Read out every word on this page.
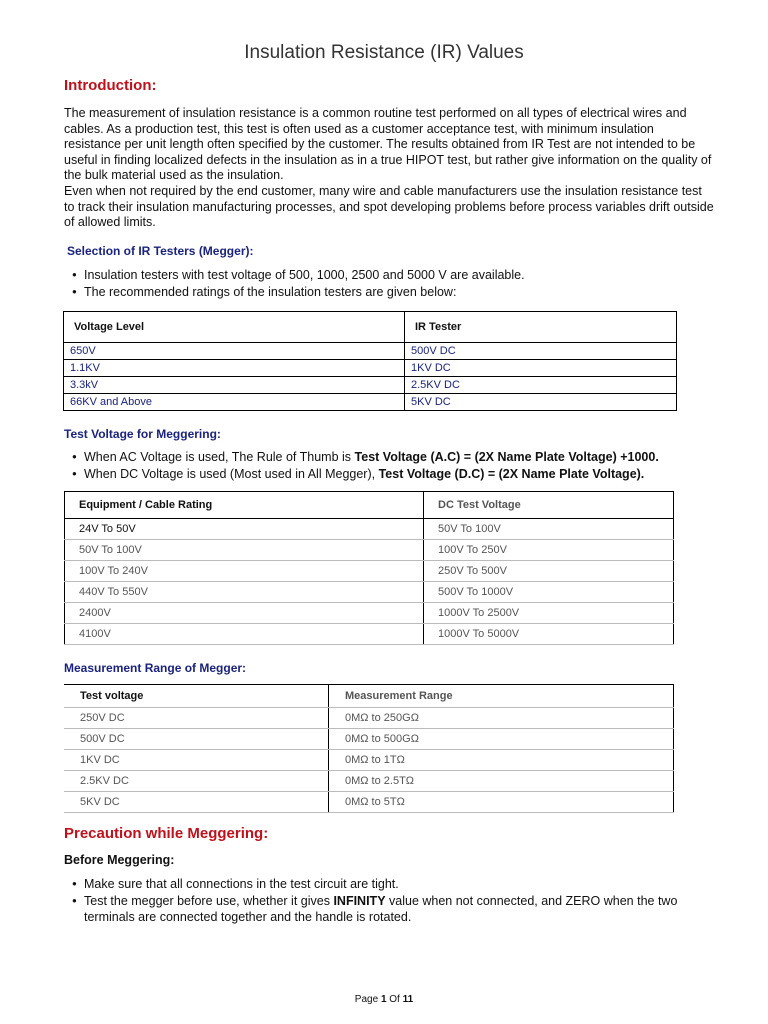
Insulation Resistance (IR) Values
Introduction:

The measurement of insulation resistance is a common routine test performed on all types of electrical wires and cables. As a production test, this test is often used as a customer acceptance test, with minimum insulation resistance per unit length often specified by the customer. The results obtained from IR Test are not intended to be useful in finding localized defects in the insulation as in a true HIPOT test, but rather give information on the quality of the bulk material used as the insulation.

Even when not required by the end customer, many wire and cable manufacturers use the insulation resistance test to track their insulation manufacturing processes, and spot developing problems before process variables drift outside of allowed limits.

Selection of IR Testers (Megger):

● Insulation testers with test voltage of 500, 1000, 2500 and 5000 V are available.
● The recommended ratings of the insulation testers are given below:
Voltage Level	IR Tester
650V	500V DC
1.1KV	1KV DC
3.3kV	2.5KV DC
66KV and Above	5KV DC

Test Voltage for Meggering:

● When AC Voltage is used, The Rule of Thumb is Test Voltage (A.C) = (2X Name Plate Voltage) +1000.
● When DC Voltage is used (Most used in All Megger), Test Voltage (D.C) = (2X Name Plate Voltage).
Equipment / Cable Rating	DC Test Voltage
24V To 50V	50V To 100V
50V To 100V	100V To 250V
100V To 240V	250V To 500V
440V To 550V	500V To 1000V
2400V	1000V To 2500V
4100V	1000V To 5000V

Measurement Range of Megger:

Test voltage	Measurement Range
250V DC	0MΩ to 250GΩ
500V DC	0MΩ to 500GΩ
1KV DC	0MΩ to 1TΩ
2.5KV DC	0MΩ to 2.5TΩ
5KV DC	0MΩ to 5TΩ
Precaution while Meggering:

Before Meggering:

● Make sure that all connections in the test circuit are tight.
● Test the megger before use, whether it gives INFINITY value when not connected, and ZERO when the two terminals are connected together and the handle is rotated.
Page 1 Of 11
